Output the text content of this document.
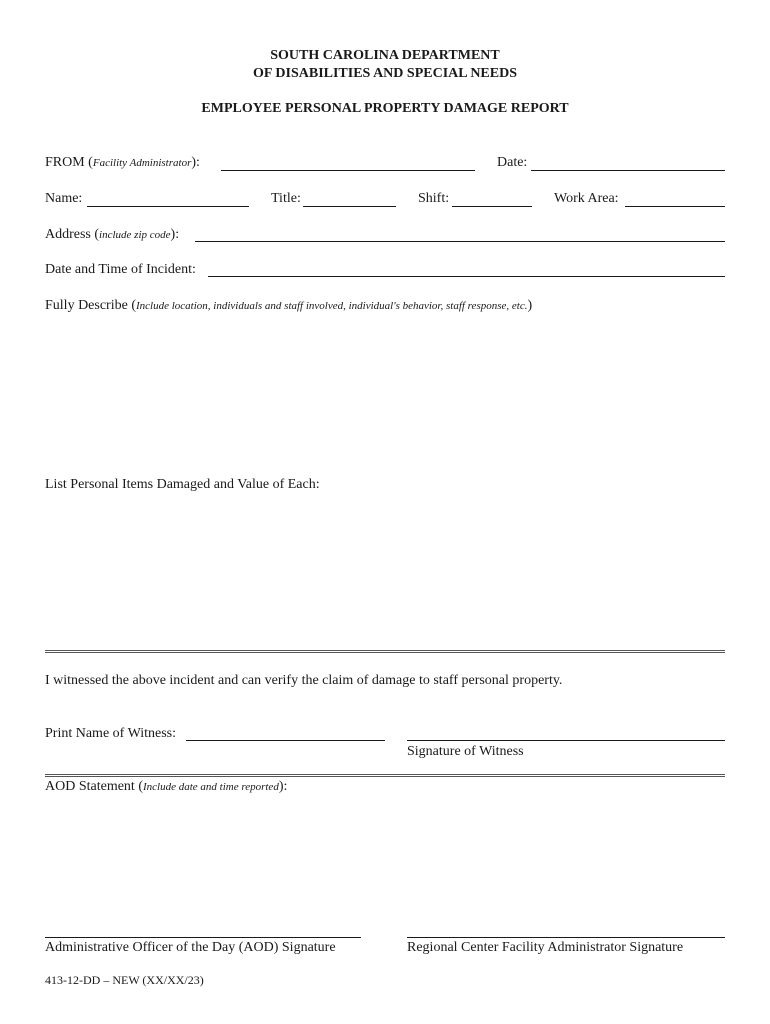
SOUTH CAROLINA DEPARTMENT
OF DISABILITIES AND SPECIAL NEEDS
EMPLOYEE PERSONAL PROPERTY DAMAGE REPORT
FROM (Facility Administrator):	Date:
Name:	Title:	Shift:	Work Area:
Address (include zip code):
Date and Time of Incident:
Fully Describe (Include location, individuals and staff involved, individual's behavior, staff response, etc.)
List Personal Items Damaged and Value of Each:
I witnessed the above incident and can verify the claim of damage to staff personal property.
Print Name of Witness:
Signature of Witness
AOD Statement (Include date and time reported):
Administrative Officer of the Day (AOD) Signature	Regional Center Facility Administrator Signature
413-12-DD – NEW (XX/XX/23)
